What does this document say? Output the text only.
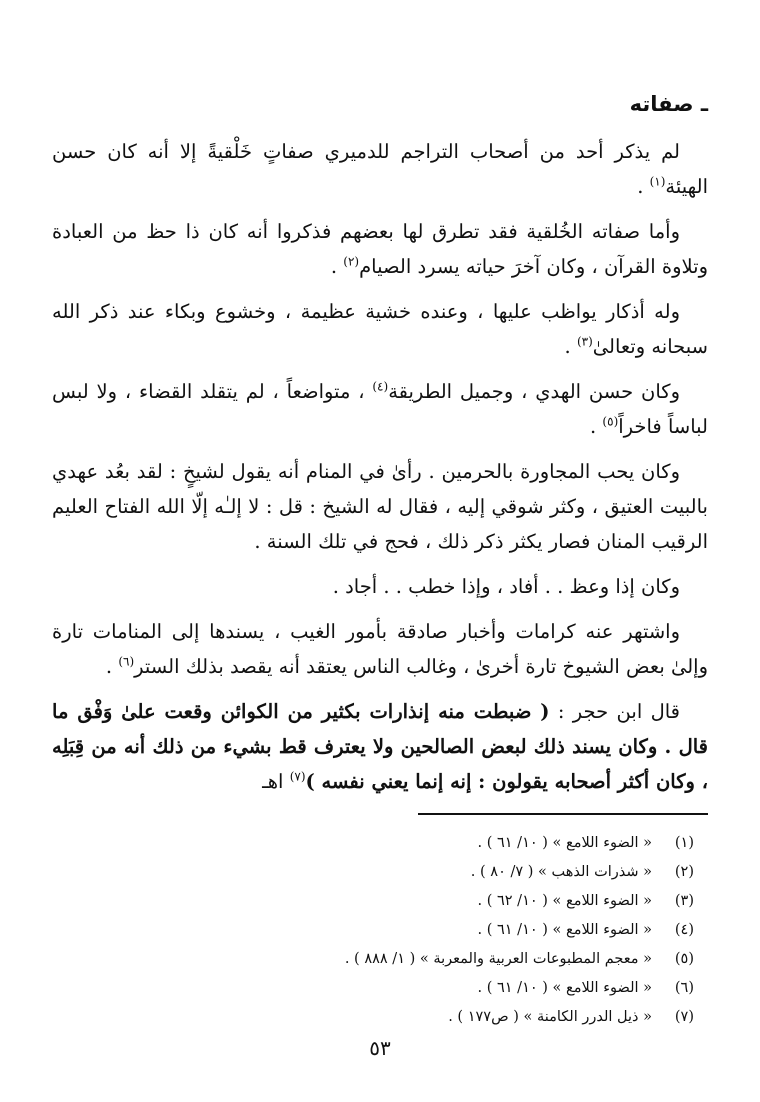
ـ صفاته

لم يذكر أحد من أصحاب التراجم للدميري صفاتٍ خَلْقيةً إلا أنه كان حسن الهيئة$^{(١)}$ .

وأما صفاته الخُلقية فقد تطرق لها بعضهم فذكروا أنه كان ذا حظ من العبادة وتلاوة القرآن ، وكان آخرَ حياته يسرد الصيام$^{(٢)}$ .

وله أذكار يواظب عليها ، وعنده خشية عظيمة ، وخشوع وبكاء عند ذكر الله سبحانه وتعالىٰ$^{(٣)}$ .

وكان حسن الهدي ، وجميل الطريقة$^{(٤)}$ ، متواضعاً ، لم يتقلد القضاء ، ولا لبس لباساً فاخراً$^{(٥)}$ .

وكان يحب المجاورة بالحرمين . رأىٰ في المنام أنه يقول لشيخٍ : لقد بعُد عهدي بالبيت العتيق ، وكثر شوقي إليه ، فقال له الشيخ : قل : لا إلـٰه إلّا الله الفتاح العليم الرقيب المنان فصار يكثر ذكر ذلك ، فحج في تلك السنة .

وكان إذا وعظ . . أفاد ، وإذا خطب . . أجاد .

واشتهر عنه كرامات وأخبار صادقة بأمور الغيب ، يسندها إلى المنامات تارة وإلىٰ بعض الشيوخ تارة أخرىٰ ، وغالب الناس يعتقد أنه يقصد بذلك الستر$^{(٦)}$ .

قال ابن حجر : ( ضبطت منه إنذارات بكثير من الكوائن وقعت علىٰ وَفْق ما قال . وكان يسند ذلك لبعض الصالحين ولا يعترف قط بشيء من ذلك أنه من قِبَلِه ، وكان أكثر أصحابه يقولون : إنه إنما يعني نفسه )$^{(٧)}$ اهـ

(١)
« الضوء اللامع » ( ١٠/ ٦١ ) .
(٢)
« شذرات الذهب » ( ٧/ ٨٠ ) .
(٣)
« الضوء اللامع » ( ١٠/ ٦٢ ) .
(٤)
« الضوء اللامع » ( ١٠/ ٦١ ) .
(٥)
« معجم المطبوعات العربية والمعربة » ( ١/ ٨٨٨ ) .
(٦)
« الضوء اللامع » ( ١٠/ ٦١ ) .
(٧)
« ذيل الدرر الكامنة » ( ص١٧٧ ) .
٥٣
